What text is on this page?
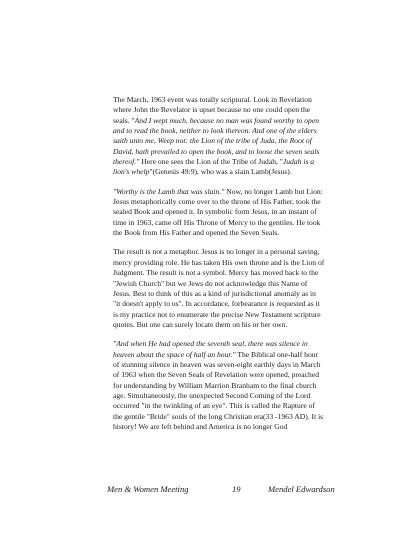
The March, 1963 event was totally scriptural. Look in Revelation where John the Revelator is upset because no one could open the seals. "And I wept much, because no man was found worthy to open and to read the book, neither to look thereon. And one of the elders saith unto me, Weep not: the Lion of the tribe of Juda, the Root of David, hath prevailed to open the book, and to loose the seven seals thereof." Here one sees the Lion of the Tribe of Judah, "Judah is a lion's whelp"(Genesis 49:9), who was a slain Lamb(Jesus).

"Worthy is the Lamb that was slain." Now, no longer Lamb but Lion: Jesus metaphorically come over to the throne of His Father, took the sealed Book and opened it. In symbolic form Jesus, in an instant of time in 1963, came off His Throne of Mercy to the gentiles. He took the Book from His Father and opened the Seven Seals.

The result is not a metaphor. Jesus is no longer in a personal saving, mercy providing role. He has taken His own throne and is the Lion of Judgment. The result is not a symbol. Mercy has moved back to the "Jewish Church" but we Jews do not acknowledge this Name of Jesus. Best to think of this as a kind of jurisdictional anomaly as in "it doesn't apply to us". In accordance, forbearance is requested as it is my practice not to enumerate the precise New Testament scripture quotes. But one can surely locate them on his or her own.

"And when He had opened the seventh seal, there was silence in heaven about the space of half an hour." The Biblical one-half hour of stunning silence in heaven was seven-eight earthly days in March of 1963 when the Seven Seals of Revelation were opened, preached for understanding by William Marrion Branham to the final church age. Simultaneously, the unexpected Second Coming of the Lord occurred "in the twinkling of an eye". This is called the Rapture of the gentile "Bride" souls of the long Christian era(33 -1963 AD). It is history! We are left behind and America is no longer God

Men & Women Meeting	19	Mendel Edwardson
